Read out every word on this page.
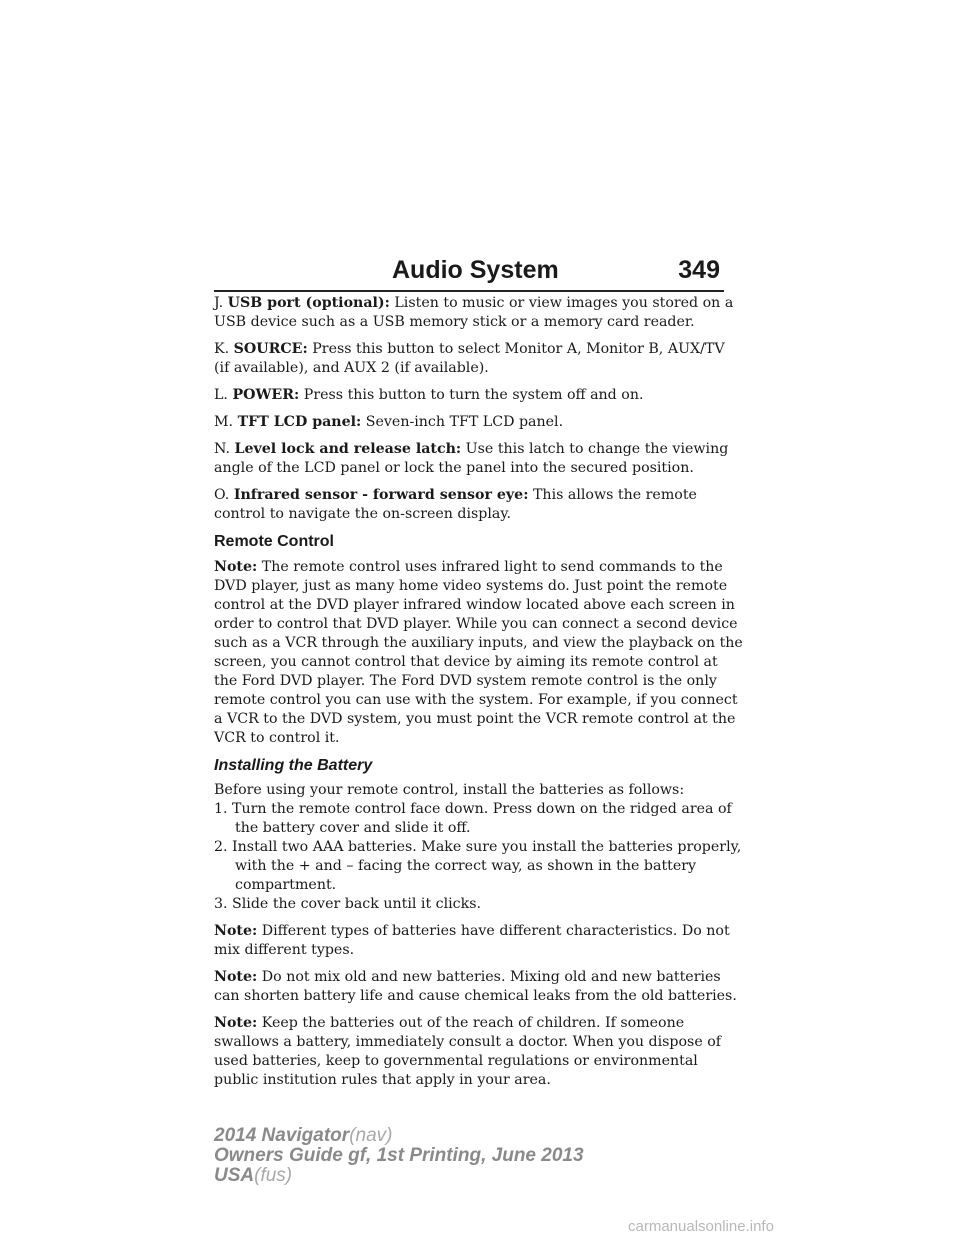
Audio System	349

J. USB port (optional): Listen to music or view images you stored on a USB device such as a USB memory stick or a memory card reader.

K. SOURCE: Press this button to select Monitor A, Monitor B, AUX/TV (if available), and AUX 2 (if available).

L. POWER: Press this button to turn the system off and on.

M. TFT LCD panel: Seven-inch TFT LCD panel.

N. Level lock and release latch: Use this latch to change the viewing angle of the LCD panel or lock the panel into the secured position.

O. Infrared sensor - forward sensor eye: This allows the remote control to navigate the on-screen display.

Remote Control

Note: The remote control uses infrared light to send commands to the DVD player, just as many home video systems do. Just point the remote control at the DVD player infrared window located above each screen in order to control that DVD player. While you can connect a second device such as a VCR through the auxiliary inputs, and view the playback on the screen, you cannot control that device by aiming its remote control at the Ford DVD player. The Ford DVD system remote control is the only remote control you can use with the system. For example, if you connect a VCR to the DVD system, you must point the VCR remote control at the VCR to control it.

Installing the Battery
Before using your remote control, install the batteries as follows:
1. Turn the remote control face down. Press down on the ridged area of the battery cover and slide it off.
2. Install two AAA batteries. Make sure you install the batteries properly, with the + and – facing the correct way, as shown in the battery compartment.
3. Slide the cover back until it clicks.

Note: Different types of batteries have different characteristics. Do not mix different types.

Note: Do not mix old and new batteries. Mixing old and new batteries can shorten battery life and cause chemical leaks from the old batteries.

Note: Keep the batteries out of the reach of children. If someone swallows a battery, immediately consult a doctor. When you dispose of used batteries, keep to governmental regulations or environmental public institution rules that apply in your area.

2014 Navigator(nav)
Owners Guide gf, 1st Printing, June 2013
USA(fus)
carmanualsonline.info
